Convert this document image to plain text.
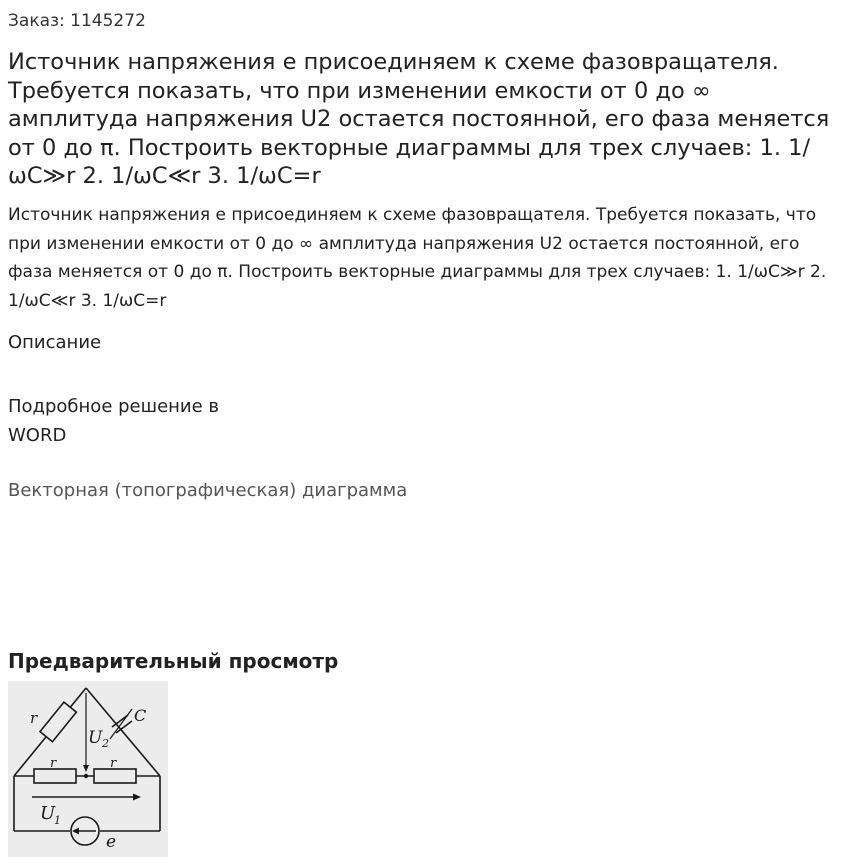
Заказ: 1145272
Источник напряжения е присоединяем к схеме фазовращателя. Требуется показать, что при изменении емкости от 0 до ∞ амплитуда напряжения U2 остается постоянной, его фаза меняется от 0 до π. Построить векторные диаграммы для трех случаев: 1. 1/ωC≫r 2. 1/ωC≪r 3. 1/ωC=r

Источник напряжения е присоединяем к схеме фазовращателя. Требуется показать, что при изменении емкости от 0 до ∞ амплитуда напряжения U2 остается постоянной, его фаза меняется от 0 до π. Построить векторные диаграммы для трех случаев: 1. 1/ωC≫r 2. 1/ωC≪r 3. 1/ωC=r

Описание
Подробное решение в WORD
Векторная (топографическая) диаграмма
Предварительный просмотр
r	C
U 2
r	r
U
1
e
